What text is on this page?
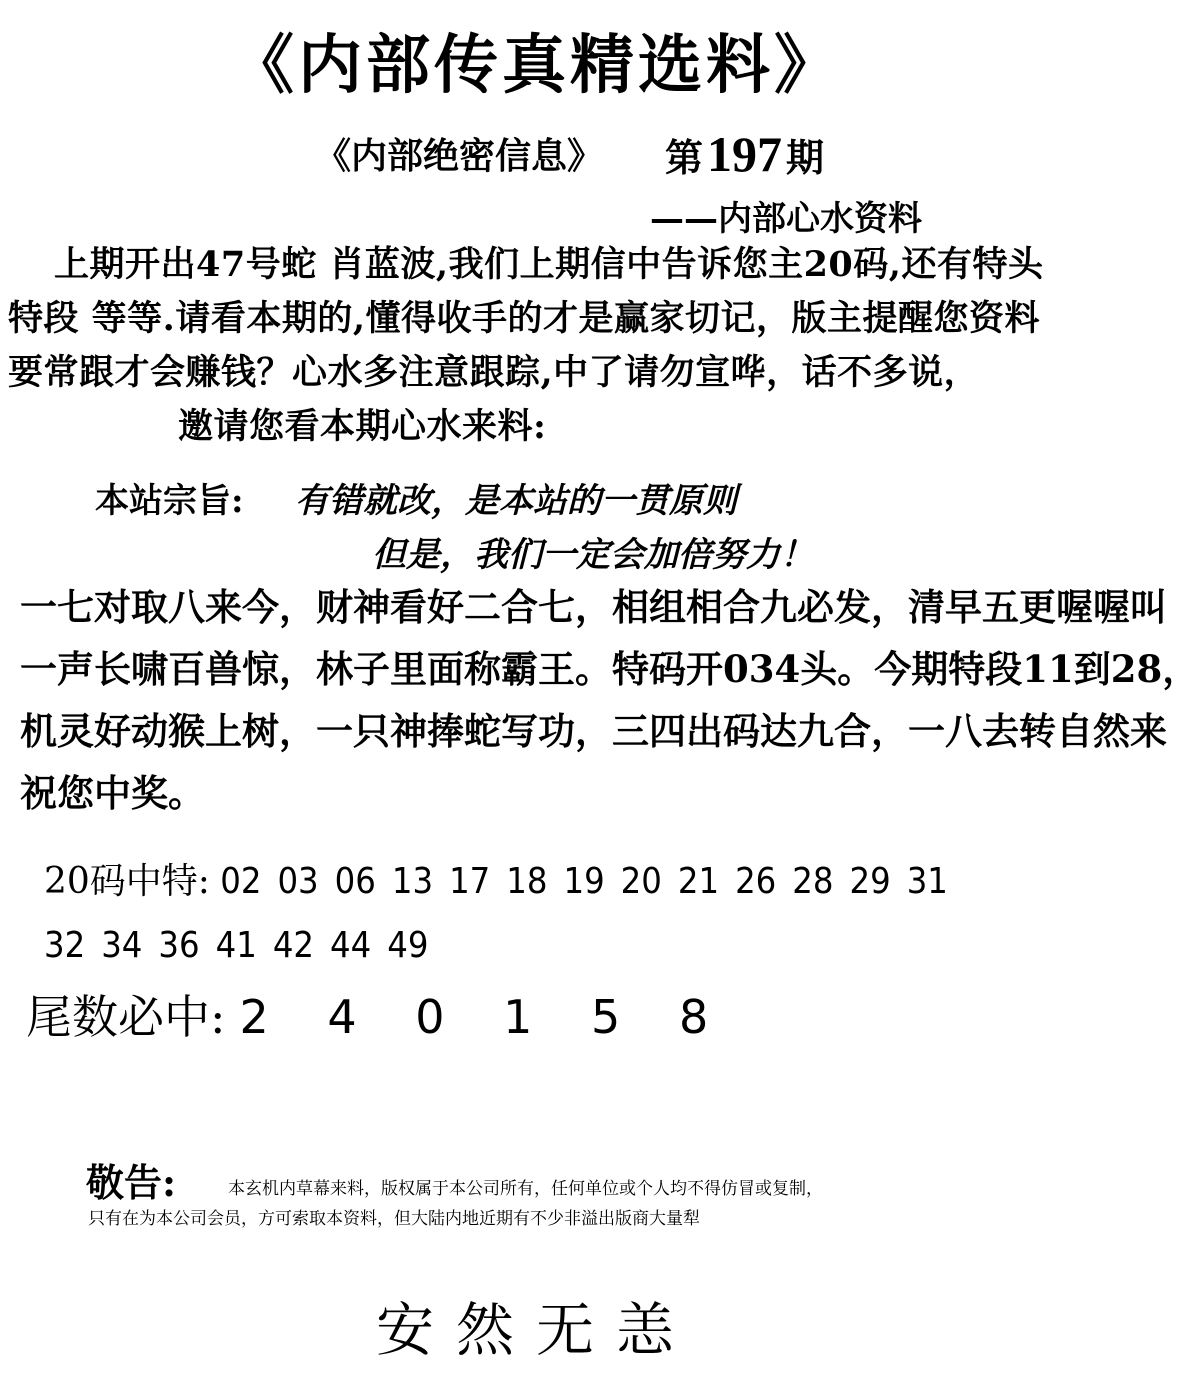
《内部传真精选料》
《内部绝密信息》 第197 期
——内部心水资料
上期开出47号蛇 肖蓝波,我们上期信中告诉您主20码,还有特头 特段 等等.请看本期的,懂得收手的才是赢家切记，版主提醒您资料要常跟才会赚钱？心水多注意跟踪,中了请勿宣哗，话不多说，邀请您看本期心水来料:
本站宗旨: 有错就改，是本站的一贯原则
但是，我们一定会加倍努力！
一七对取八来今，财神看好二合七，相组相合九必发，清早五更喔喔叫
一声长啸百兽惊，林子里面称霸王。特码开034头。今期特段11到28，
机灵好动猴上树，一只神捧蛇写功，三四出码达九合，一八去转自然来
祝您中奖。
20码中特: 02 03 06 13 17 18 19 20 21 26 28 29 31
32 34 36 41 42 44 49
尾数必中: 2 4 0 1 5 8
敬告:	本玄机内草幕来料，版权属于本公司所有，任何单位或个人均不得仿冒或复制，
只有在为本公司会员，方可索取本资料，但大陆内地近期有不少非溢出版商大量犁
安然无恙
